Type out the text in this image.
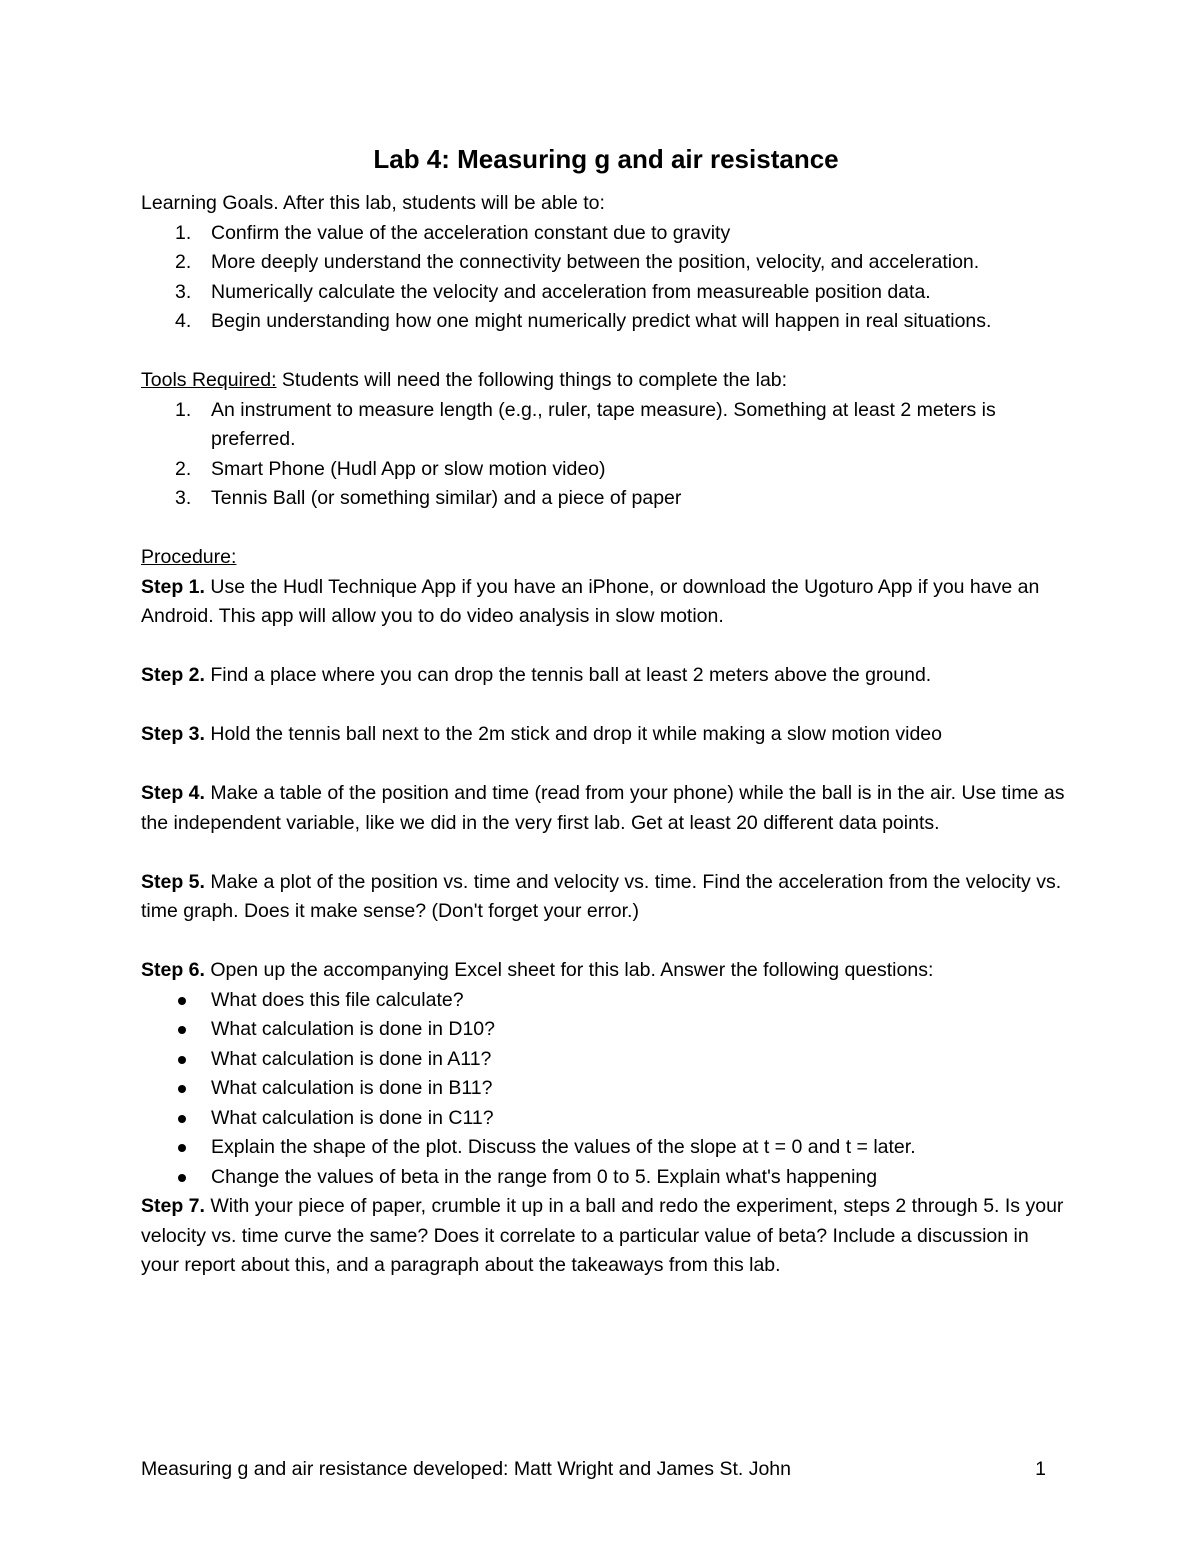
Lab 4: Measuring g and air resistance

Learning Goals. After this lab, students will be able to:

1. Confirm the value of the acceleration constant due to gravity
2. More deeply understand the connectivity between the position, velocity, and acceleration.
3. Numerically calculate the velocity and acceleration from measureable position data.
4. Begin understanding how one might numerically predict what will happen in real situations.

Tools Required: Students will need the following things to complete the lab:

1. An instrument to measure length (e.g., ruler, tape measure). Something at least 2 meters is preferred.
2. Smart Phone (Hudl App or slow motion video)
3. Tennis Ball (or something similar) and a piece of paper

Procedure:

Step 1. Use the Hudl Technique App if you have an iPhone, or download the Ugoturo App if you have an Android. This app will allow you to do video analysis in slow motion.

Step 2. Find a place where you can drop the tennis ball at least 2 meters above the ground.

Step 3. Hold the tennis ball next to the 2m stick and drop it while making a slow motion video

Step 4. Make a table of the position and time (read from your phone) while the ball is in the air. Use time as the independent variable, like we did in the very first lab. Get at least 20 different data points.

Step 5. Make a plot of the position vs. time and velocity vs. time. Find the acceleration from the velocity vs. time graph. Does it make sense? (Don't forget your error.)

Step 6. Open up the accompanying Excel sheet for this lab. Answer the following questions:

What does this file calculate?
What calculation is done in D10?
What calculation is done in A11?
What calculation is done in B11?
What calculation is done in C11?
Explain the shape of the plot. Discuss the values of the slope at t = 0 and t = later.
Change the values of beta in the range from 0 to 5. Explain what's happening

Step 7. With your piece of paper, crumble it up in a ball and redo the experiment, steps 2 through 5. Is your velocity vs. time curve the same? Does it correlate to a particular value of beta? Include a discussion in your report about this, and a paragraph about the takeaways from this lab.

Measuring g and air resistance developed: Matt Wright and James St. John	1
